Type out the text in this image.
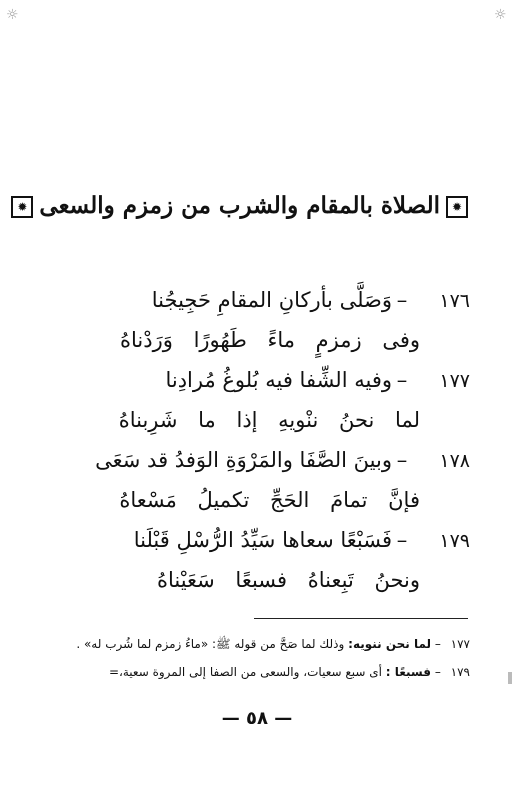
☼	☼
✹الصلاة بالمقام والشرب من زمزم والسعى✹
١٧٦–وَصَلَّى بأركانِ المقامِ حَجِيجُنا
وفى زمزمٍ ماءً طَهُورًا وَرَدْناهُ
١٧٧–وفيه الشِّفا فيه بُلوغُ مُرادِنا
لما نحنُ ننْويهِ إذا ما شَرِبناهُ
١٧٨–وبينَ الصَّفَا والمَرْوَةِ الوَفدُ قد سَعَى
فإنَّ تمامَ الحَجِّ تكميلُ مَسْعاهُ
١٧٩–فَسَبْعًا سعاها سَيِّدُ الرُّسْلِ قَبْلَنا
ونحنُ تَبِعناهُ فسبعًا سَعَيْناهُ
١٧٧ – لما نحن ننويه: وذلك لما صَحَّ من قوله ﷺ: «ماءُ زمزم لما شُرب له» .
١٧٩ – فسبعًا : أى سبع سعيات، والسعى من الصفا إلى المروة سعية،=
— ٥٨ —
